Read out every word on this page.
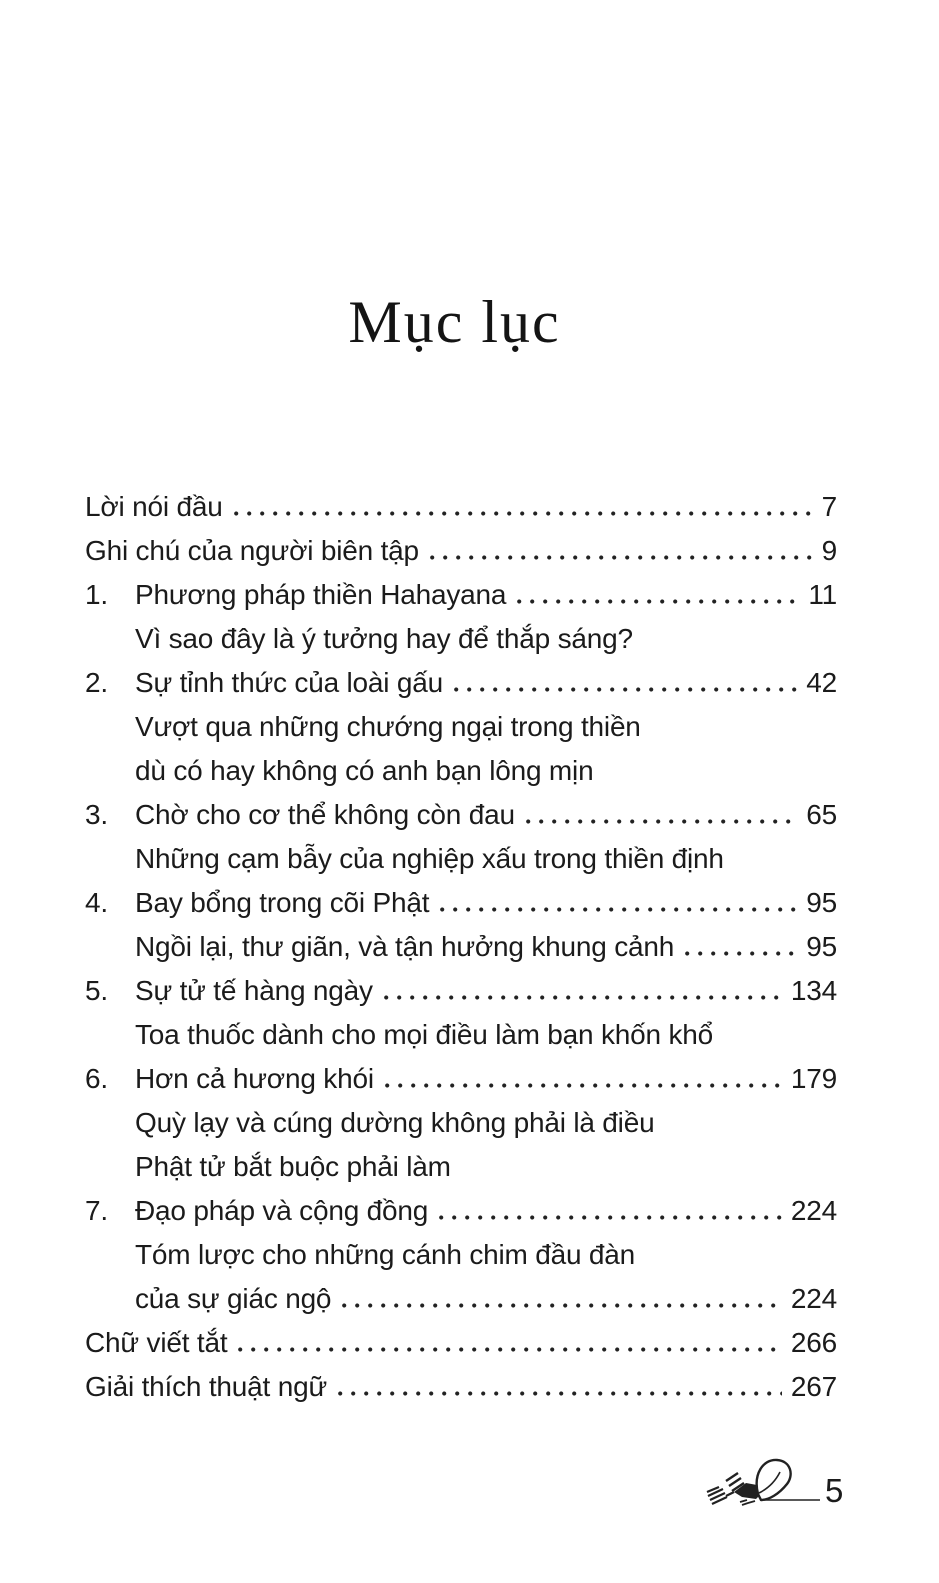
Mục lục
Lời nói đầu	7
Ghi chú của người biên tập	9
1. Phương pháp thiền Hahayana	11
Vì sao đây là ý tưởng hay để thắp sáng?
2. Sự tỉnh thức của loài gấu	42
Vượt qua những chướng ngại trong thiền
dù có hay không có anh bạn lông mịn
3. Chờ cho cơ thể không còn đau	65
Những cạm bẫy của nghiệp xấu trong thiền định
4. Bay bổng trong cõi Phật	95
Ngồi lại, thư giãn, và tận hưởng khung cảnh	95
5. Sự tử tế hàng ngày	134
Toa thuốc dành cho mọi điều làm bạn khốn khổ
6. Hơn cả hương khói	179
Quỳ lạy và cúng dường không phải là điều
Phật tử bắt buộc phải làm
7. Đạo pháp và cộng đồng	224
Tóm lược cho những cánh chim đầu đàn
của sự giác ngộ	224
Chữ viết tắt	266
Giải thích thuật ngữ	267
5
